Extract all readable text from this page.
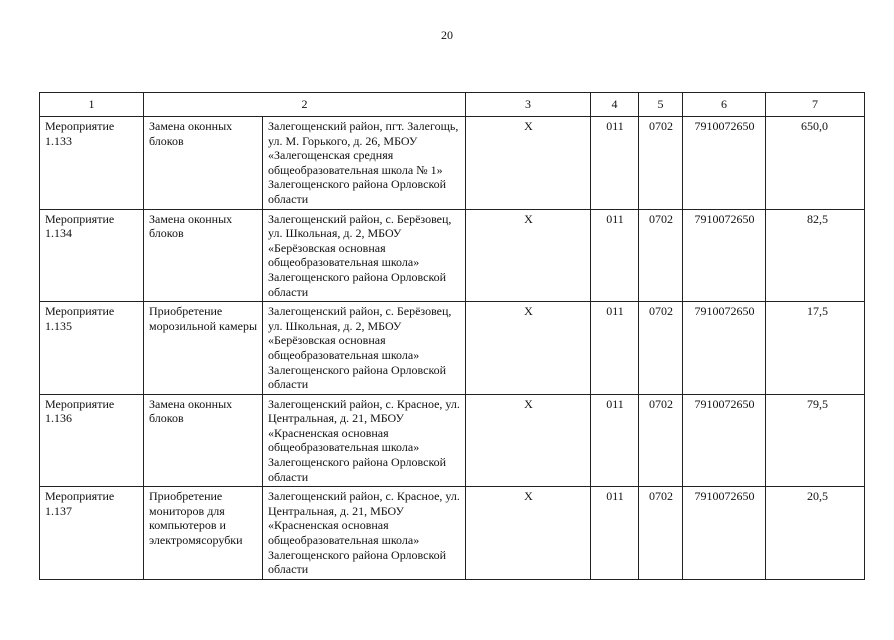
20
1	2		3	4	5	6	7
Мероприятие 1.133	Замена оконных блоков	Залегощенский район, пгт. Залегощь, ул. М. Горького, д. 26, МБОУ «Залегощенская средняя общеобразовательная школа № 1» Залегощенского района Орловской области	Х	011	0702	7910072650	650,0
Мероприятие 1.134	Замена оконных блоков	Залегощенский район, с. Берёзовец, ул. Школьная, д. 2, МБОУ «Берёзовская основная общеобразовательная школа» Залегощенского района Орловской области	Х	011	0702	7910072650	82,5
Мероприятие 1.135	Приобретение морозильной камеры	Залегощенский район, с. Берёзовец, ул. Школьная, д. 2, МБОУ «Берёзовская основная общеобразовательная школа» Залегощенского района Орловской области	Х	011	0702	7910072650	17,5
Мероприятие 1.136	Замена оконных блоков	Залегощенский район, с. Красное, ул. Центральная, д. 21, МБОУ «Красненская основная общеобразовательная школа» Залегощенского района Орловской области	Х	011	0702	7910072650	79,5
Мероприятие 1.137	Приобретение мониторов для компьютеров и электромясорубки	Залегощенский район, с. Красное, ул. Центральная, д. 21, МБОУ «Красненская основная общеобразовательная школа» Залегощенского района Орловской области	Х	011	0702	7910072650	20,5
